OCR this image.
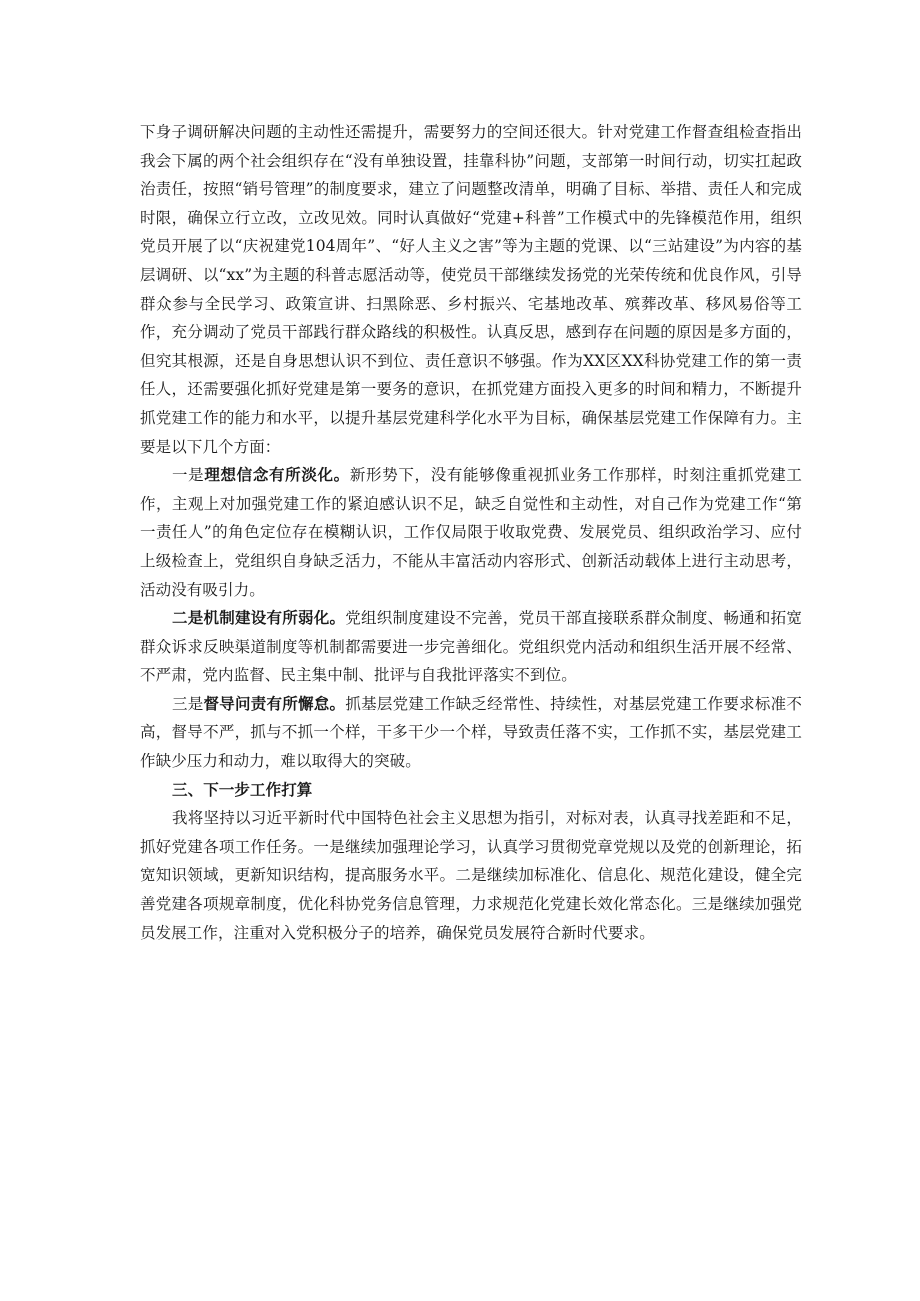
下身子调研解决问题的主动性还需提升，需要努力的空间还很大。针对党建工作督查组检查指出我会下属的两个社会组织存在“没有单独设置，挂靠科协”问题，支部第一时间行动，切实扛起政治责任，按照“销号管理”的制度要求，建立了问题整改清单，明确了目标、举措、责任人和完成时限，确保立行立改，立改见效。同时认真做好“党建+科普”工作模式中的先锋模范作用，组织党员开展了以“庆祝建党104周年”、“好人主义之害”等为主题的党课、以“三站建设”为内容的基层调研、以“xx”为主题的科普志愿活动等，使党员干部继续发扬党的光荣传统和优良作风，引导群众参与全民学习、政策宣讲、扫黑除恶、乡村振兴、宅基地改革、殡葬改革、移风易俗等工作，充分调动了党员干部践行群众路线的积极性。认真反思，感到存在问题的原因是多方面的，但究其根源，还是自身思想认识不到位、责任意识不够强。作为XX区XX科协党建工作的第一责任人，还需要强化抓好党建是第一要务的意识，在抓党建方面投入更多的时间和精力，不断提升抓党建工作的能力和水平，以提升基层党建科学化水平为目标，确保基层党建工作保障有力。主要是以下几个方面：

一是理想信念有所淡化。新形势下，没有能够像重视抓业务工作那样，时刻注重抓党建工作，主观上对加强党建工作的紧迫感认识不足，缺乏自觉性和主动性，对自己作为党建工作“第一责任人”的角色定位存在模糊认识，工作仅局限于收取党费、发展党员、组织政治学习、应付上级检查上，党组织自身缺乏活力，不能从丰富活动内容形式、创新活动载体上进行主动思考，活动没有吸引力。

二是机制建设有所弱化。党组织制度建设不完善，党员干部直接联系群众制度、畅通和拓宽群众诉求反映渠道制度等机制都需要进一步完善细化。党组织党内活动和组织生活开展不经常、不严肃，党内监督、民主集中制、批评与自我批评落实不到位。

三是督导问责有所懈怠。抓基层党建工作缺乏经常性、持续性，对基层党建工作要求标准不高，督导不严，抓与不抓一个样，干多干少一个样，导致责任落不实，工作抓不实，基层党建工作缺少压力和动力，难以取得大的突破。

三、下一步工作打算

我将坚持以习近平新时代中国特色社会主义思想为指引，对标对表，认真寻找差距和不足，抓好党建各项工作任务。一是继续加强理论学习，认真学习贯彻党章党规以及党的创新理论，拓宽知识领域，更新知识结构，提高服务水平。二是继续加标准化、信息化、规范化建设，健全完善党建各项规章制度，优化科协党务信息管理，力求规范化党建长效化常态化。三是继续加强党员发展工作，注重对入党积极分子的培养，确保党员发展符合新时代要求。
